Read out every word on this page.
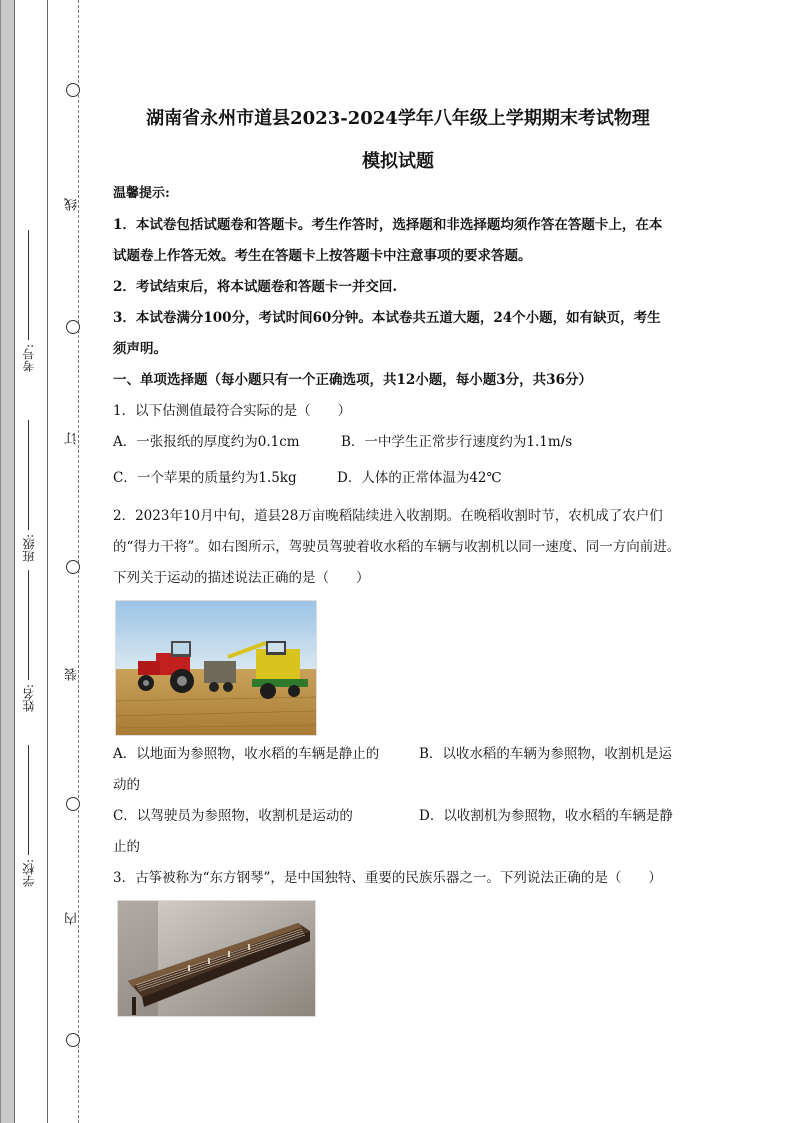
线
订
装
内
考号:
班级:
姓名:
学校:
湖南省永州市道县2023-2024学年八年级上学期期末考试物理
模拟试题
温馨提示:
1．本试卷包括试题卷和答题卡。考生作答时，选择题和非选择题均须作答在答题卡上，在本
试题卷上作答无效。考生在答题卡上按答题卡中注意事项的要求答题。
2．考试结束后，将本试题卷和答题卡一并交回.
3．本试卷满分100分，考试时间60分钟。本试卷共五道大题，24个小题，如有缺页，考生
须声明。
一、单项选择题（每小题只有一个正确选项，共12小题，每小题3分，共36分）
1．以下估测值最符合实际的是（　　）
A．一张报纸的厚度约为0.1cm	B．一中学生正常步行速度约为1.1m/s
C．一个苹果的质量约为1.5kg	D．人体的正常体温为42℃
2．2023年10月中旬，道县28万亩晚稻陆续进入收割期。在晚稻收割时节，农机成了农户们
的“得力干将”。如右图所示，驾驶员驾驶着收水稻的车辆与收割机以同一速度、同一方向前进。
下列关于运动的描述说法正确的是（　　）
A．以地面为参照物，收水稻的车辆是静止的	B．以收水稻的车辆为参照物，收割机是运
动的
C．以驾驶员为参照物，收割机是运动的	D．以收割机为参照物，收水稻的车辆是静
止的
3．古筝被称为“东方钢琴”，是中国独特、重要的民族乐器之一。下列说法正确的是（　　）
